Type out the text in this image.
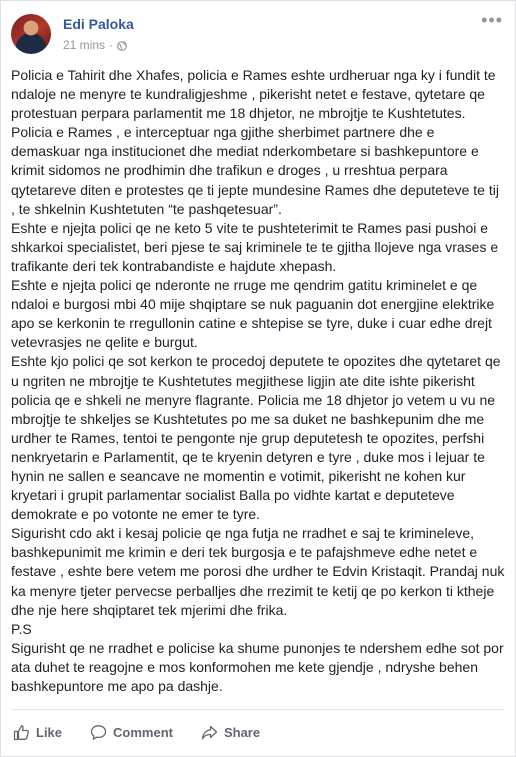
Edi Paloka
21 mins ·
•••
Policia e Tahirit dhe Xhafes, policia e Rames eshte urdheruar nga ky i fundit te ndaloje ne menyre te kundraligjeshme , pikerisht netet e festave, qytetare qe protestuan perpara parlamentit me 18 dhjetor, ne mbrojtje te Kushtetutes.
Policia e Rames , e interceptuar nga gjithe sherbimet partnere dhe e demaskuar nga institucionet dhe mediat nderkombetare si bashkepuntore e krimit sidomos ne prodhimin dhe trafikun e droges , u rreshtua perpara qytetareve diten e protestes qe ti jepte mundesine Rames dhe deputeteve te tij , te shkelnin Kushtetuten “te pashqetesuar”.
Eshte e njejta polici qe ne keto 5 vite te pushteterimit te Rames pasi pushoi e shkarkoi specialistet, beri pjese te saj kriminele te te gjitha llojeve nga vrases e trafikante deri tek kontrabandiste e hajdute xhepash.
Eshte e njejta polici qe nderonte ne rruge me qendrim gatitu kriminelet e qe ndaloi e burgosi mbi 40 mije shqiptare se nuk paguanin dot energjine elektrike apo se kerkonin te rregullonin catine e shtepise se tyre, duke i cuar edhe drejt vetevrasjes ne qelite e burgut.
Eshte kjo polici qe sot kerkon te procedoj deputete te opozites dhe qytetaret qe u ngriten ne mbrojtje te Kushtetutes megjithese ligjin ate dite ishte pikerisht policia qe e shkeli ne menyre flagrante. Policia me 18 dhjetor jo vetem u vu ne mbrojtje te shkeljes se Kushtetutes po me sa duket ne bashkepunim dhe me urdher te Rames, tentoi te pengonte nje grup deputetesh te opozites, perfshi nenkryetarin e Parlamentit, qe te kryenin detyren e tyre , duke mos i lejuar te hynin ne sallen e seancave ne momentin e votimit, pikerisht ne kohen kur kryetari i grupit parlamentar socialist Balla po vidhte kartat e deputeteve demokrate e po votonte ne emer te tyre.
Sigurisht cdo akt i kesaj policie qe nga futja ne rradhet e saj te krimineleve, bashkepunimit me krimin e deri tek burgosja e te pafajshmeve edhe netet e festave , eshte bere vetem me porosi dhe urdher te Edvin Kristaqit. Prandaj nuk ka menyre tjeter pervecse perballjes dhe rrezimit te ketij qe po kerkon ti ktheje dhe nje here shqiptaret tek mjerimi dhe frika.
P.S
Sigurisht qe ne rradhet e policise ka shume punonjes te ndershem edhe sot por ata duhet te reagojne e mos konformohen me kete gjendje , ndryshe behen bashkepuntore me apo pa dashje.
Like	Comment	Share
